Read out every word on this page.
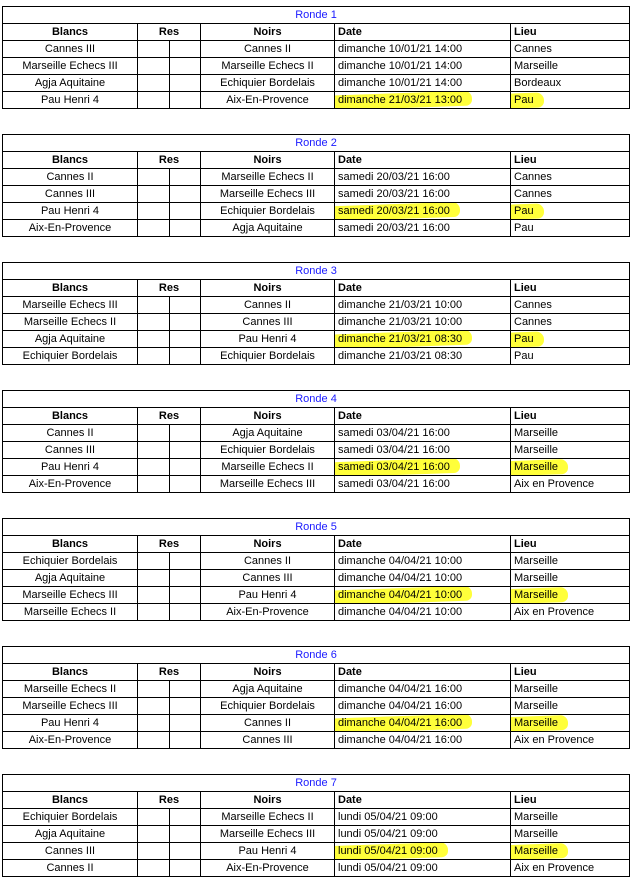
Ronde 1					
Blancs	Res		Noirs	Date	Lieu
Cannes III			Cannes II	dimanche 10/01/21 14:00	Cannes
Marseille Echecs III			Marseille Echecs II	dimanche 10/01/21 14:00	Marseille
Agja Aquitaine			Echiquier Bordelais	dimanche 10/01/21 14:00	Bordeaux
Pau Henri 4			Aix-En-Provence	dimanche 21/03/21 13:00	Pau
Ronde 2					
Blancs	Res		Noirs	Date	Lieu
Cannes II			Marseille Echecs II	samedi 20/03/21 16:00	Cannes
Cannes III			Marseille Echecs III	samedi 20/03/21 16:00	Cannes
Pau Henri 4			Echiquier Bordelais	samedi 20/03/21 16:00	Pau
Aix-En-Provence			Agja Aquitaine	samedi 20/03/21 16:00	Pau
Ronde 3					
Blancs	Res		Noirs	Date	Lieu
Marseille Echecs III			Cannes II	dimanche 21/03/21 10:00	Cannes
Marseille Echecs II			Cannes III	dimanche 21/03/21 10:00	Cannes
Agja Aquitaine			Pau Henri 4	dimanche 21/03/21 08:30	Pau
Echiquier Bordelais			Echiquier Bordelais	dimanche 21/03/21 08:30	Pau
Ronde 4					
Blancs	Res		Noirs	Date	Lieu
Cannes II			Agja Aquitaine	samedi 03/04/21 16:00	Marseille
Cannes III			Echiquier Bordelais	samedi 03/04/21 16:00	Marseille
Pau Henri 4			Marseille Echecs II	samedi 03/04/21 16:00	Marseille
Aix-En-Provence			Marseille Echecs III	samedi 03/04/21 16:00	Aix en Provence
Ronde 5					
Blancs	Res		Noirs	Date	Lieu
Echiquier Bordelais			Cannes II	dimanche 04/04/21 10:00	Marseille
Agja Aquitaine			Cannes III	dimanche 04/04/21 10:00	Marseille
Marseille Echecs III			Pau Henri 4	dimanche 04/04/21 10:00	Marseille
Marseille Echecs II			Aix-En-Provence	dimanche 04/04/21 10:00	Aix en Provence
Ronde 6					
Blancs	Res		Noirs	Date	Lieu
Marseille Echecs II			Agja Aquitaine	dimanche 04/04/21 16:00	Marseille
Marseille Echecs III			Echiquier Bordelais	dimanche 04/04/21 16:00	Marseille
Pau Henri 4			Cannes II	dimanche 04/04/21 16:00	Marseille
Aix-En-Provence			Cannes III	dimanche 04/04/21 16:00	Aix en Provence
Ronde 7					
Blancs	Res		Noirs	Date	Lieu
Echiquier Bordelais			Marseille Echecs II	lundi 05/04/21 09:00	Marseille
Agja Aquitaine			Marseille Echecs III	lundi 05/04/21 09:00	Marseille
Cannes III			Pau Henri 4	lundi 05/04/21 09:00	Marseille
Cannes II			Aix-En-Provence	lundi 05/04/21 09:00	Aix en Provence
